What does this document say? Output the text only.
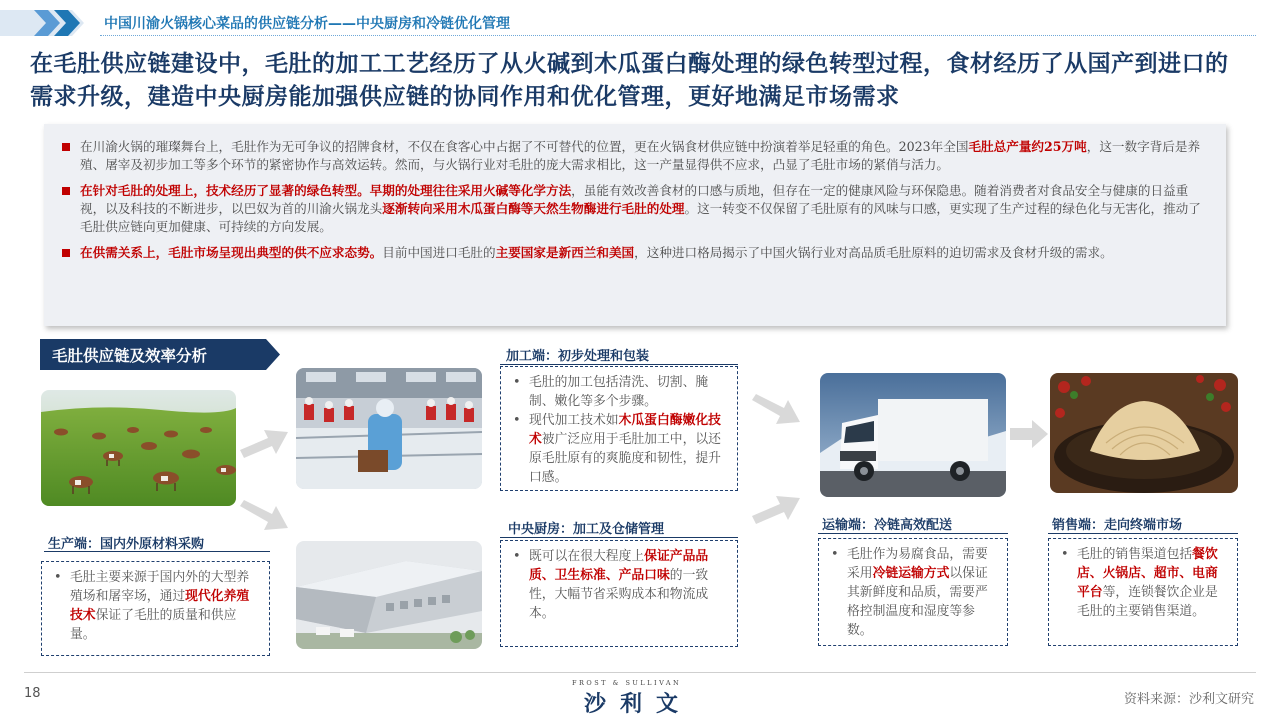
中国川渝火锅核心菜品的供应链分析——中央厨房和冷链优化管理
在毛肚供应链建设中，毛肚的加工工艺经历了从火碱到木瓜蛋白酶处理的绿色转型过程，食材经历了从国产到进口的需求升级，建造中央厨房能加强供应链的协同作用和优化管理，更好地满足市场需求
在川渝火锅的璀璨舞台上，毛肚作为无可争议的招牌食材，不仅在食客心中占据了不可替代的位置，更在火锅食材供应链中扮演着举足轻重的角色。2023年全国毛肚总产量约25万吨，这一数字背后是养殖、屠宰及初步加工等多个环节的紧密协作与高效运转。然而，与火锅行业对毛肚的庞大需求相比，这一产量显得供不应求，凸显了毛肚市场的紧俏与活力。
在针对毛肚的处理上，技术经历了显著的绿色转型。早期的处理往往采用火碱等化学方法，虽能有效改善食材的口感与质地，但存在一定的健康风险与环保隐患。随着消费者对食品安全与健康的日益重视，以及科技的不断进步，以巴奴为首的川渝火锅龙头逐渐转向采用木瓜蛋白酶等天然生物酶进行毛肚的处理。这一转变不仅保留了毛肚原有的风味与口感，更实现了生产过程的绿色化与无害化，推动了毛肚供应链向更加健康、可持续的方向发展。
在供需关系上，毛肚市场呈现出典型的供不应求态势。目前中国进口毛肚的主要国家是新西兰和美国，这种进口格局揭示了中国火锅行业对高品质毛肚原料的迫切需求及食材升级的需求。
毛肚供应链及效率分析
生产端：国内外原材料采购
加工端：初步处理和包装
中央厨房：加工及仓储管理	运输端：冷链高效配送	销售端：走向终端市场
• 毛肚主要来源于国内外的大型养殖场和屠宰场，通过现代化养殖技术保证了毛肚的质量和供应量。
• 毛肚的加工包括清洗、切割、腌制、嫩化等多个步骤。
• 现代加工技术如木瓜蛋白酶嫩化技术被广泛应用于毛肚加工中，以还原毛肚原有的爽脆度和韧性，提升口感。
• 既可以在很大程度上保证产品品质、卫生标准、产品口味的一致性，大幅节省采购成本和物流成本。
• 毛肚作为易腐食品，需要采用冷链运输方式以保证其新鲜度和品质，需要严格控制温度和湿度等参数。
• 毛肚的销售渠道包括餐饮店、火锅店、超市、电商平台等，连锁餐饮企业是毛肚的主要销售渠道。
18
FROST & SULLIVAN
沙利文	资料来源：沙利文研究
